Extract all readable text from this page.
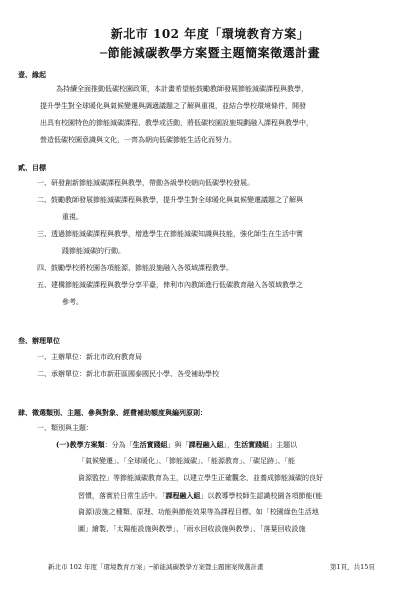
新北市 102 年度「環境教育方案」
─節能減碳教學方案暨主題簡案徵選計畫
壹、緣起
為持續全面推動低碳校園政策，本計畫希望能鼓勵教師發展節能減碳課程與教學，
提升學生對全球暖化與氣候變遷與調適議題之了解與重視，並結合學校環境條件，開發
出具有校園特色的節能減碳課程、教學或活動，將低碳校園設施規劃融入課程與教學中，
營造低碳校園意識與文化，一齊為朝向低碳節能生活化而努力。
貳、目標
一、研發創新節能減碳課程與教學，帶動各級學校朝向低碳學校發展。
二、鼓勵教師發展節能減碳課程與教學，提升學生對全球暖化與氣候變遷議題之了解與
重視。
三、透過節能減碳課程與教學，增進學生在節能減碳知識與技能，強化師生在生活中實
踐節能減碳的行動。
四、鼓勵學校將校園各項能源、節能設施融入各領域課程教學。
五、建構節能減碳課程與教學分享平臺，俾利市內教師進行低碳教育融入各領域教學之
參考。
叁、辦理單位
一、主辦單位：新北市政府教育局
二、承辦單位：新北市新莊區國泰國民小學、各受補助學校
肆、徵選類別、主題、參與對象、經費補助額度與編列原則：
一、類別與主題：
(一)教學方案類：分為「生活實踐組」與「課程融入組」，生活實踐組」主題以
「氣候變遷」、「全球暖化」、「節能減碳」、「能源教育」、「碳足跡」、「能
資源監控」等節能減碳教育為主，以建立學生正確觀念，並養成節能減碳的良好
習慣，落實於日常生活中。「課程融入組」以教導學校師生認識校園各項節能(能
資源)設施之種類、原理、功能與節能效果等為課程目標。如「校園綠色生活地
圖」繪製、「太陽能設施與教學」、「雨水回收設施與教學」、「落葉回收設施
新北市 102 年度「環境教育方案」─節能減碳教學方案暨主題簡案徵選計畫	第1頁，共15頁
